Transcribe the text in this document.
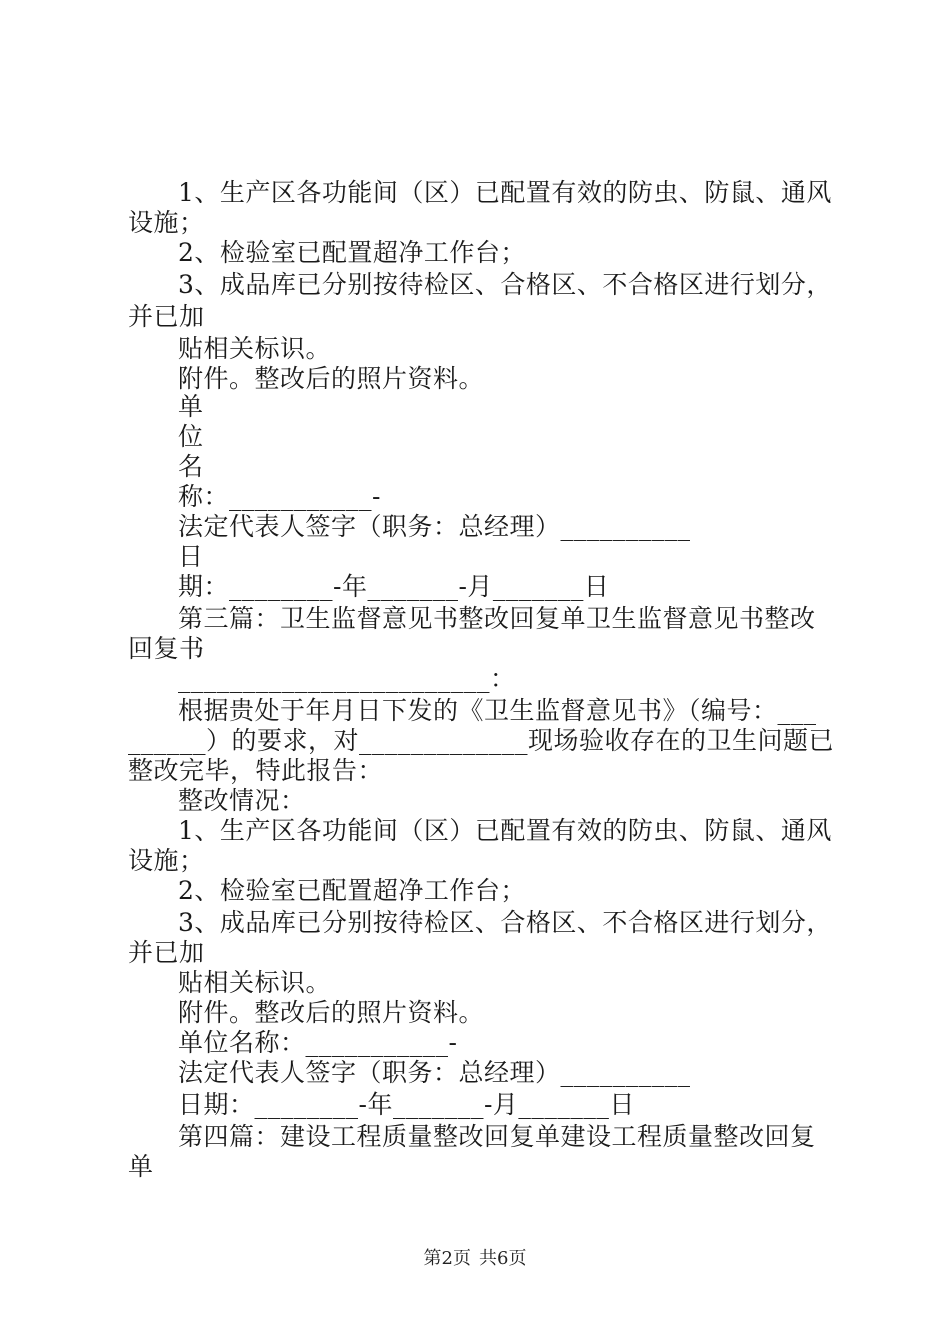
1、生产区各功能间（区）已配置有效的防虫、防鼠、通风
设施；
2、检验室已配置超净工作台；
3、成品库已分别按待检区、合格区、不合格区进行划分，
并已加
贴相关标识。
附件。整改后的照片资料。
单
位
名
称：___________-
法定代表人签字（职务：总经理）__________
日
期：________-年_______-月_______日
第三篇：卫生监督意见书整改回复单卫生监督意见书整改
回复书
________________________：
根据贵处于年月日下发的《卫生监督意见书》（编号：___
______）的要求，对_____________现场验收存在的卫生问题已
整改完毕，特此报告：
整改情况：
1、生产区各功能间（区）已配置有效的防虫、防鼠、通风
设施；
2、检验室已配置超净工作台；
3、成品库已分别按待检区、合格区、不合格区进行划分，
并已加
贴相关标识。
附件。整改后的照片资料。
单位名称：___________-
法定代表人签字（职务：总经理）__________
日期：________-年_______-月_______日
第四篇：建设工程质量整改回复单建设工程质量整改回复
单
第2页 共6页
